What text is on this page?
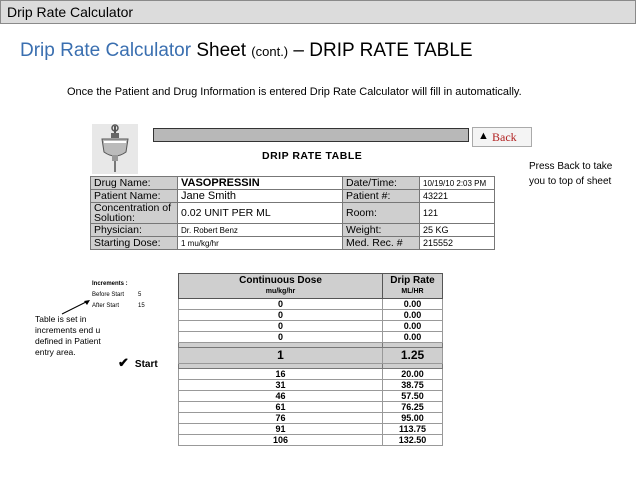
Drip Rate Calculator
Drip Rate Calculator Sheet (cont.) – DRIP RATE TABLE
Once the Patient and Drug Information is entered Drip Rate Calculator will fill in automatically.
▲ Back
DRIP RATE TABLE
Press Back to take
you to top of sheet
Drug Name:	VASOPRESSIN	Date/Time:	10/19/10 2:03 PM
Patient Name:	Jane Smith	Patient #:	43221

Concentration of
Solution:	0.02 UNIT PER ML	Room:	121
Physician:	Dr. Robert Benz	Weight:	25 KG
Starting Dose:	1 mu/kg/hr	Med. Rec. #	215552
Increments :
Before Start 5
After Start	15
Table is set in
increments end u
defined in Patient
entry area.
✔ Start
Continuous Dose
mu/kg/hr	Drip Rate
ML/HR

0	0.00
0	0.00
0	0.00
0	0.00

1	1.25

16	20.00
31	38.75
46	57.50
61	76.25
76	95.00
91	113.75
106	132.50
